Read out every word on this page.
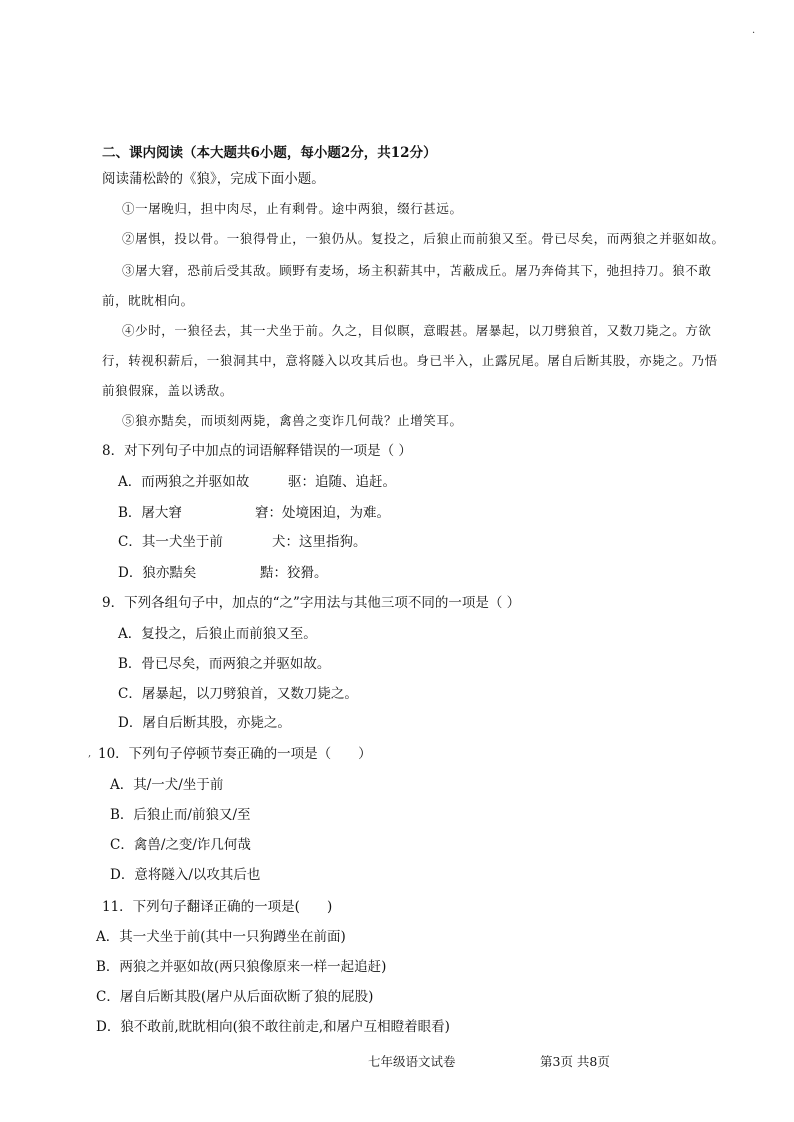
·
二、课内阅读（本大题共6小题，每小题2分，共12分）
阅读蒲松龄的《狼》，完成下面小题。
①一屠晚归，担中肉尽，止有剩骨。途中两狼，缀行甚远。
②屠惧，投以骨。一狼得骨止，一狼仍从。复投之，后狼止而前狼又至。骨已尽矣，而两狼之并驱如故。
③屠大窘，恐前后受其敌。顾野有麦场，场主积薪其中，苫蔽成丘。屠乃奔倚其下，弛担持刀。狼不敢
前，眈眈相向。
④少时，一狼径去，其一犬坐于前。久之，目似瞑，意暇甚。屠暴起，以刀劈狼首，又数刀毙之。方欲
行，转视积薪后，一狼洞其中，意将隧入以攻其后也。身已半入，止露尻尾。屠自后断其股，亦毙之。乃悟
前狼假寐，盖以诱敌。
⑤狼亦黠矣，而顷刻两毙，禽兽之变诈几何哉？止增笑耳。
8．对下列句子中加点的词语解释错误的一项是（ ）
A．而两狼之并驱如故	驱：追随、追赶。
B．屠大窘	窘：处境困迫，为难。
C．其一犬坐于前	犬：这里指狗。
D．狼亦黠矣	黠：狡猾。
9．下列各组句子中，加点的“之”字用法与其他三项不同的一项是（ ）
A．复投之，后狼止而前狼又至。
B．骨已尽矣，而两狼之并驱如故。
C．屠暴起，以刀劈狼首，又数刀毙之。
D．屠自后断其股，亦毙之。
, 10．下列句子停顿节奏正确的一项是（　　）
A．其/一犬/坐于前
B．后狼止而/前狼又/至
C．禽兽/之变/诈几何哉
D．意将隧入/以攻其后也
11．下列句子翻译正确的一项是(　　)
A．其一犬坐于前(其中一只狗蹲坐在前面)
B．两狼之并驱如故(两只狼像原来一样一起追赶)
C．屠自后断其股(屠户从后面砍断了狼的屁股)
D．狼不敢前,眈眈相向(狼不敢往前走,和屠户互相瞪着眼看)
七年级语文试卷	第3页 共8页
